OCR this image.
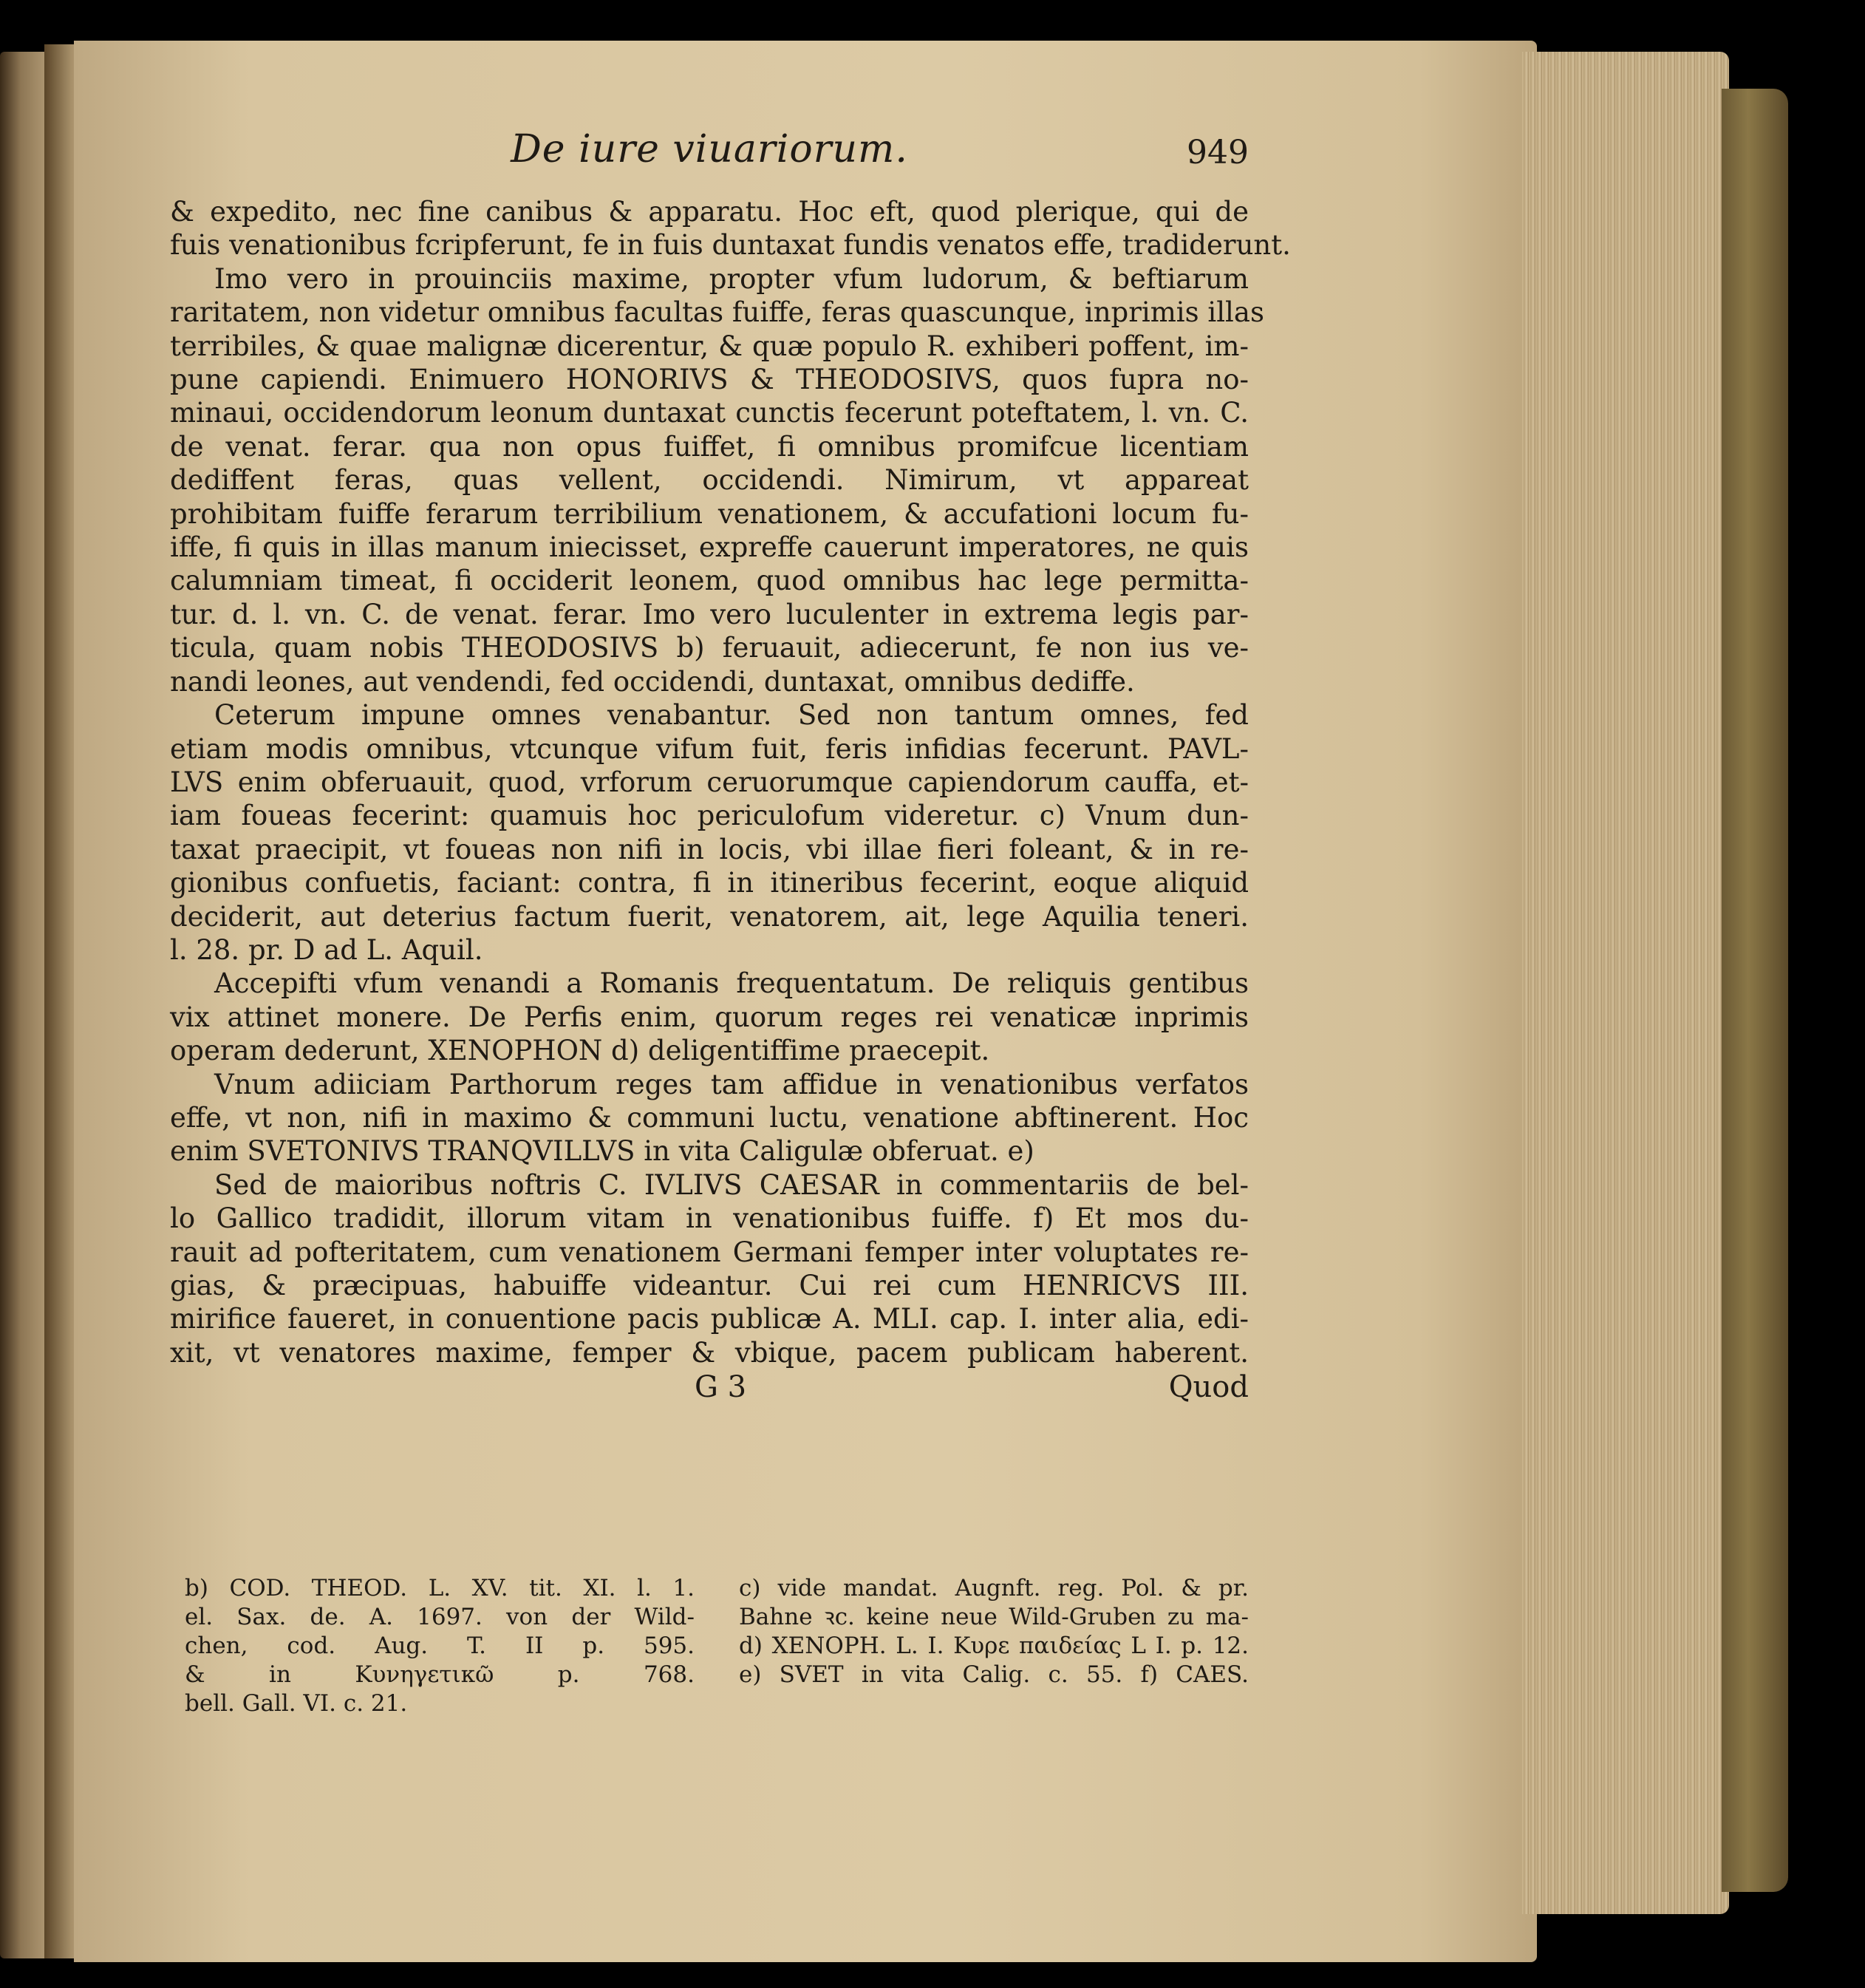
De iure viuariorum.	949
& expedito, nec fine canibus & apparatu. Hoc eft, quod plerique, qui de
fuis venationibus fcripferunt, fe in fuis duntaxat fundis venatos effe, tradiderunt.
Imo vero in prouinciis maxime, propter vfum ludorum, & beftiarum
raritatem, non videtur omnibus facultas fuiffe, feras quascunque, inprimis illas
terribiles, & quae malignæ dicerentur, & quæ populo R. exhiberi poffent, im-
pune capiendi. Enimuero HONORIVS & THEODOSIVS, quos fupra no-
minaui, occidendorum leonum duntaxat cunctis fecerunt poteftatem, l. vn. C.
de venat. ferar. qua non opus fuiffet, fi omnibus promifcue licentiam
dediffent feras, quas vellent, occidendi. Nimirum, vt appareat
prohibitam fuiffe ferarum terribilium venationem, & accufationi locum fu-
iffe, fi quis in illas manum iniecisset, expreffe cauerunt imperatores, ne quis
calumniam timeat, fi occiderit leonem, quod omnibus hac lege permitta-
tur. d. l. vn. C. de venat. ferar. Imo vero luculenter in extrema legis par-
ticula, quam nobis THEODOSIVS b) feruauit, adiecerunt, fe non ius ve-
nandi leones, aut vendendi, fed occidendi, duntaxat, omnibus dediffe.
Ceterum impune omnes venabantur. Sed non tantum omnes, fed
etiam modis omnibus, vtcunque vifum fuit, feris infidias fecerunt. PAVL-
LVS enim obferuauit, quod, vrforum ceruorumque capiendorum cauffa, et-
iam foueas fecerint: quamuis hoc periculofum videretur. c) Vnum dun-
taxat praecipit, vt foueas non nifi in locis, vbi illae fieri foleant, & in re-
gionibus confuetis, faciant: contra, fi in itineribus fecerint, eoque aliquid
deciderit, aut deterius factum fuerit, venatorem, ait, lege Aquilia teneri.
l. 28. pr. D ad L. Aquil.
Accepifti vfum venandi a Romanis frequentatum. De reliquis gentibus
vix attinet monere. De Perfis enim, quorum reges rei venaticæ inprimis
operam dederunt, XENOPHON d) deligentiffime praecepit.
Vnum adiiciam Parthorum reges tam affidue in venationibus verfatos
effe, vt non, nifi in maximo & communi luctu, venatione abftinerent. Hoc
enim SVETONIVS TRANQVILLVS in vita Caligulæ obferuat. e)
Sed de maioribus noftris C. IVLIVS CAESAR in commentariis de bel-
lo Gallico tradidit, illorum vitam in venationibus fuiffe. f) Et mos du-
rauit ad pofteritatem, cum venationem Germani femper inter voluptates re-
gias, & præcipuas, habuiffe videantur. Cui rei cum HENRICVS III.
mirifice faueret, in conuentione pacis publicæ A. MLI. cap. I. inter alia, edi-
xit, vt venatores maxime, femper & vbique, pacem publicam haberent.
G 3	Quod
b) COD. THEOD. L. XV. tit. XI. l. 1.
el. Sax. de. A. 1697. von der Wild-
chen, cod. Aug. T. II p. 595.
& in Κυνηγετικῶ p. 768.
bell. Gall. VI. c. 21.
c) vide mandat. Augnft. reg. Pol. & pr.
Bahne ꝛc. keine neue Wild-Gruben zu ma-
d) XENOPH. L. I. Κυρε παιδείας L I. p. 12.
e) SVET in vita Calig. c. 55. f) CAES.
